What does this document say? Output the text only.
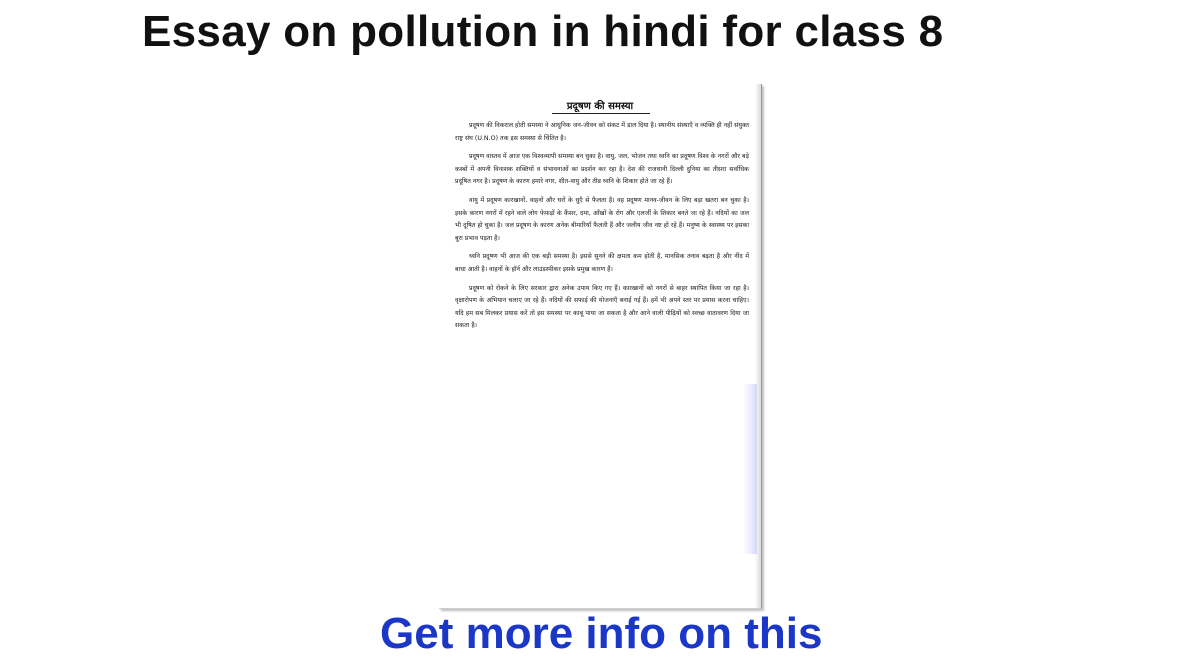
Essay on pollution in hindi for class 8
प्रदूषण की समस्या

प्रदूषण की विकराल होती समस्या ने आधुनिक जन-जीवन को संकट में डाल दिया है। स्थानीय संस्थाएँ व व्यक्ति ही नहीं संयुक्त राष्ट्र संघ (U.N.O) तक इस समस्या से चिंतित है।

प्रदूषण वास्तव में आज एक विश्वव्यापी समस्या बन चुका है। वायु, जल, भोजन तथा ध्वनि का प्रदूषण विश्व के नगरों और बड़े कस्बों में अपनी विनाशक शक्तियों व संभावनाओं का प्रदर्शन कर रहा है। देश की राजधानी दिल्ली दुनिया का तीसरा सर्वाधिक प्रदूषित नगर है। प्रदूषण के कारण हमारे नगर, शीत-वायु और तीव्र ध्वनि के शिकार होते जा रहे हैं।

वायु में प्रदूषण कारखानों, वाहनों और घरों के धुएँ से फैलता है। वह प्रदूषण मानव-जीवन के लिए बड़ा खतरा बन चुका है। इसके कारण नगरों में रहने वाले लोग फेफड़ों के कैंसर, दमा, आँखों के रोग और एलर्जी के शिकार बनते जा रहे हैं। नदियों का जल भी दूषित हो चुका है। जल प्रदूषण के कारण अनेक बीमारियाँ फैलती हैं और जलीय जीव नष्ट हो रहे हैं। मनुष्य के स्वास्थ्य पर इसका बुरा प्रभाव पड़ता है।

ध्वनि प्रदूषण भी आज की एक बड़ी समस्या है। इससे सुनने की क्षमता कम होती है, मानसिक तनाव बढ़ता है और नींद में बाधा आती है। वाहनों के हॉर्न और लाउडस्पीकर इसके प्रमुख कारण हैं।

प्रदूषण को रोकने के लिए सरकार द्वारा अनेक उपाय किए गए हैं। कारखानों को नगरों से बाहर स्थापित किया जा रहा है। वृक्षारोपण के अभियान चलाए जा रहे हैं। नदियों की सफाई की योजनाएँ बनाई गई हैं। हमें भी अपने स्तर पर प्रयास करना चाहिए। यदि हम सब मिलकर प्रयास करें तो इस समस्या पर काबू पाया जा सकता है और आने वाली पीढ़ियों को स्वच्छ वातावरण दिया जा सकता है।

Get more info on this
